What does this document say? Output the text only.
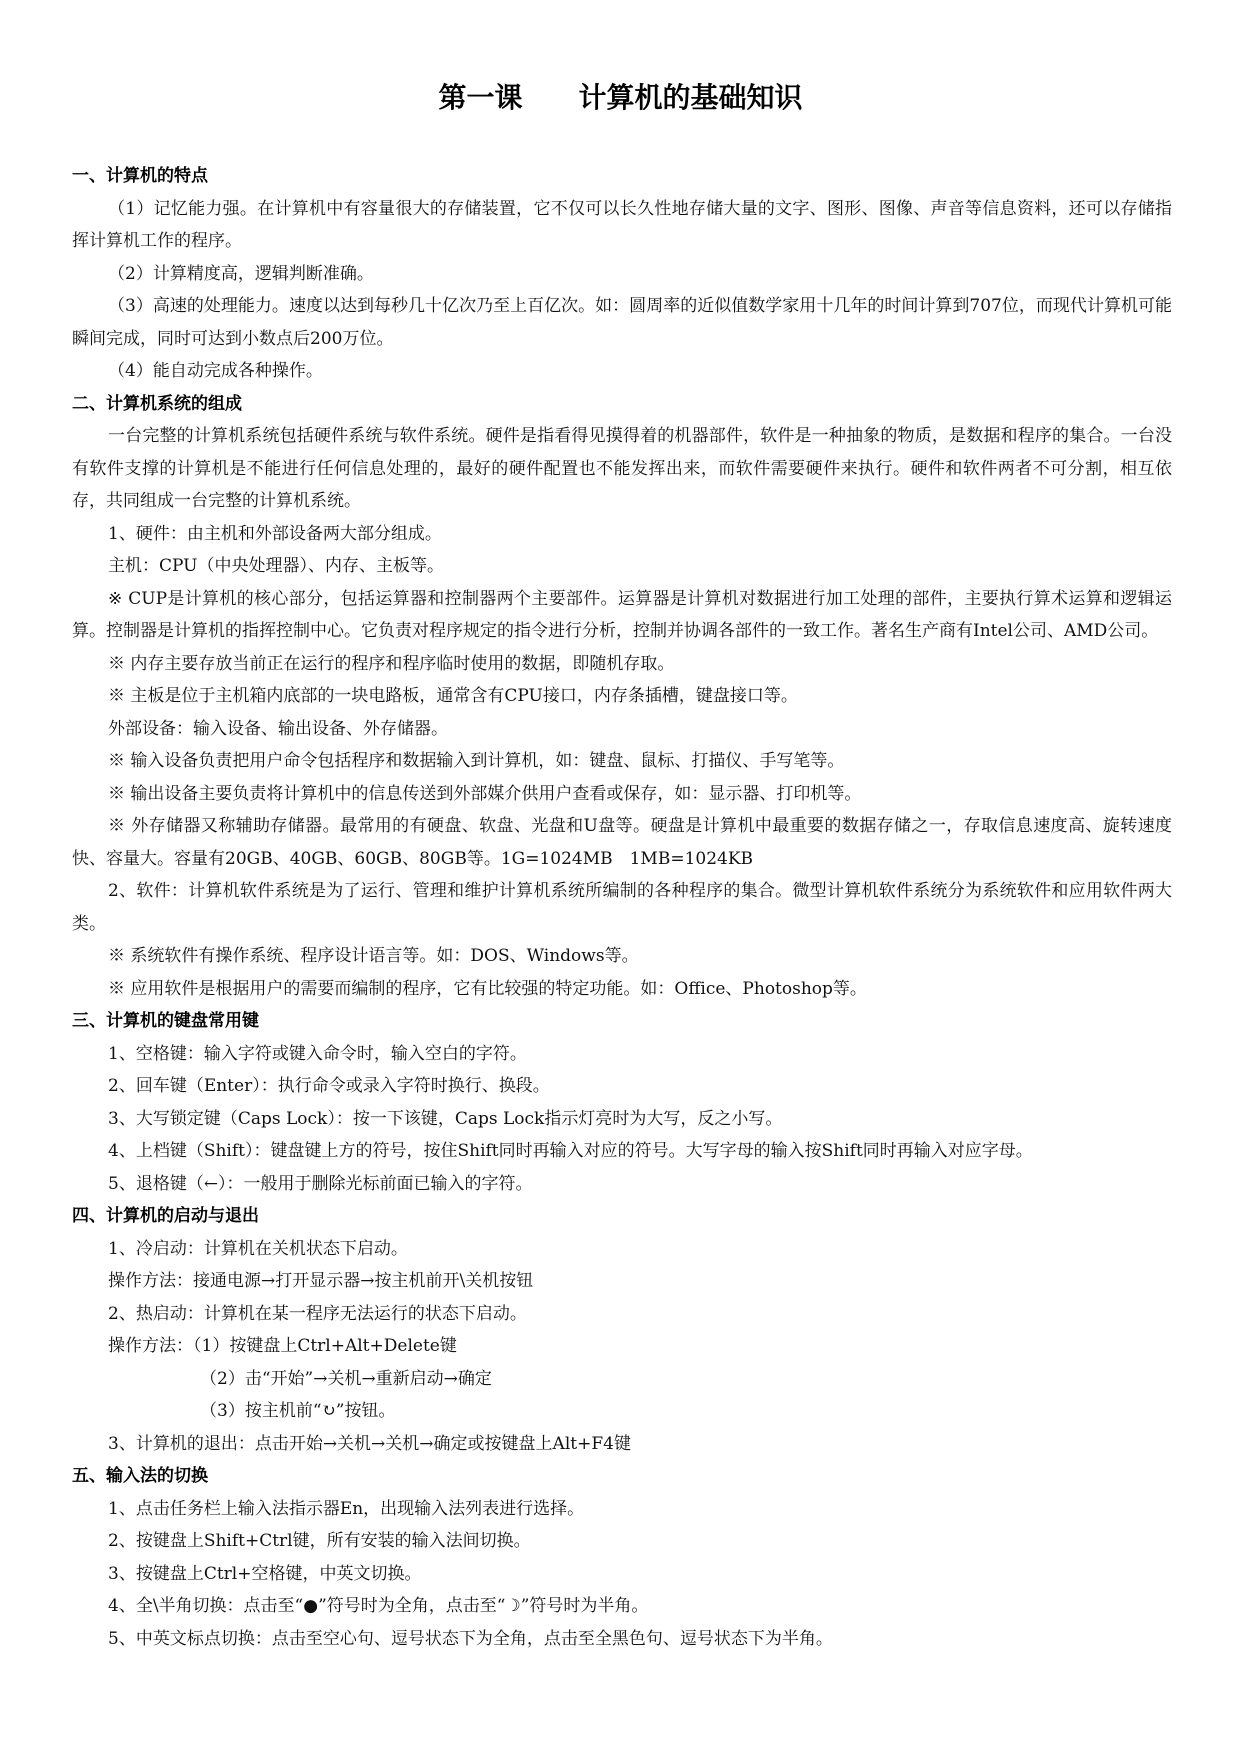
第一课　　计算机的基础知识

一、计算机的特点

（1）记忆能力强。在计算机中有容量很大的存储装置，它不仅可以长久性地存储大量的文字、图形、图像、声音等信息资料，还可以存储指挥计算机工作的程序。

（2）计算精度高，逻辑判断准确。

（3）高速的处理能力。速度以达到每秒几十亿次乃至上百亿次。如：圆周率的近似值数学家用十几年的时间计算到707位，而现代计算机可能瞬间完成，同时可达到小数点后200万位。

（4）能自动完成各种操作。

二、计算机系统的组成

一台完整的计算机系统包括硬件系统与软件系统。硬件是指看得见摸得着的机器部件，软件是一种抽象的物质，是数据和程序的集合。一台没有软件支撑的计算机是不能进行任何信息处理的，最好的硬件配置也不能发挥出来，而软件需要硬件来执行。硬件和软件两者不可分割，相互依存，共同组成一台完整的计算机系统。

1、硬件：由主机和外部设备两大部分组成。

主机：CPU（中央处理器）、内存、主板等。

※ CUP是计算机的核心部分，包括运算器和控制器两个主要部件。运算器是计算机对数据进行加工处理的部件，主要执行算术运算和逻辑运算。控制器是计算机的指挥控制中心。它负责对程序规定的指令进行分析，控制并协调各部件的一致工作。著名生产商有Intel公司、AMD公司。

※ 内存主要存放当前正在运行的程序和程序临时使用的数据，即随机存取。

※ 主板是位于主机箱内底部的一块电路板，通常含有CPU接口，内存条插槽，键盘接口等。

外部设备：输入设备、输出设备、外存储器。

※ 输入设备负责把用户命令包括程序和数据输入到计算机，如：键盘、鼠标、打描仪、手写笔等。

※ 输出设备主要负责将计算机中的信息传送到外部媒介供用户查看或保存，如：显示器、打印机等。

※ 外存储器又称辅助存储器。最常用的有硬盘、软盘、光盘和U盘等。硬盘是计算机中最重要的数据存储之一，存取信息速度高、旋转速度快、容量大。容量有20GB、40GB、60GB、80GB等。1G=1024MB　1MB=1024KB

2、软件：计算机软件系统是为了运行、管理和维护计算机系统所编制的各种程序的集合。微型计算机软件系统分为系统软件和应用软件两大类。

※ 系统软件有操作系统、程序设计语言等。如：DOS、Windows等。

※ 应用软件是根据用户的需要而编制的程序，它有比较强的特定功能。如：Office、Photoshop等。

三、计算机的键盘常用键

1、空格键：输入字符或键入命令时，输入空白的字符。

2、回车键（Enter）：执行命令或录入字符时换行、换段。

3、大写锁定键（Caps Lock）：按一下该键，Caps Lock指示灯亮时为大写，反之小写。

4、上档键（Shift）：键盘键上方的符号，按住Shift同时再输入对应的符号。大写字母的输入按Shift同时再输入对应字母。

5、退格键（←）：一般用于删除光标前面已输入的字符。

四、计算机的启动与退出

1、冷启动：计算机在关机状态下启动。

操作方法：接通电源→打开显示器→按主机前开\关机按钮

2、热启动：计算机在某一程序无法运行的状态下启动。

操作方法：（1）按键盘上Ctrl+Alt+Delete键

（2）击“开始”→关机→重新启动→确定

（3）按主机前“↻”按钮。

3、计算机的退出：点击开始→关机→关机→确定或按键盘上Alt+F4键

五、输入法的切换

1、点击任务栏上输入法指示器En，出现输入法列表进行选择。

2、按键盘上Shift+Ctrl键，所有安装的输入法间切换。

3、按键盘上Ctrl+空格键，中英文切换。

4、全\半角切换：点击至“●”符号时为全角，点击至“☽”符号时为半角。

5、中英文标点切换：点击至空心句、逗号状态下为全角，点击至全黑色句、逗号状态下为半角。
